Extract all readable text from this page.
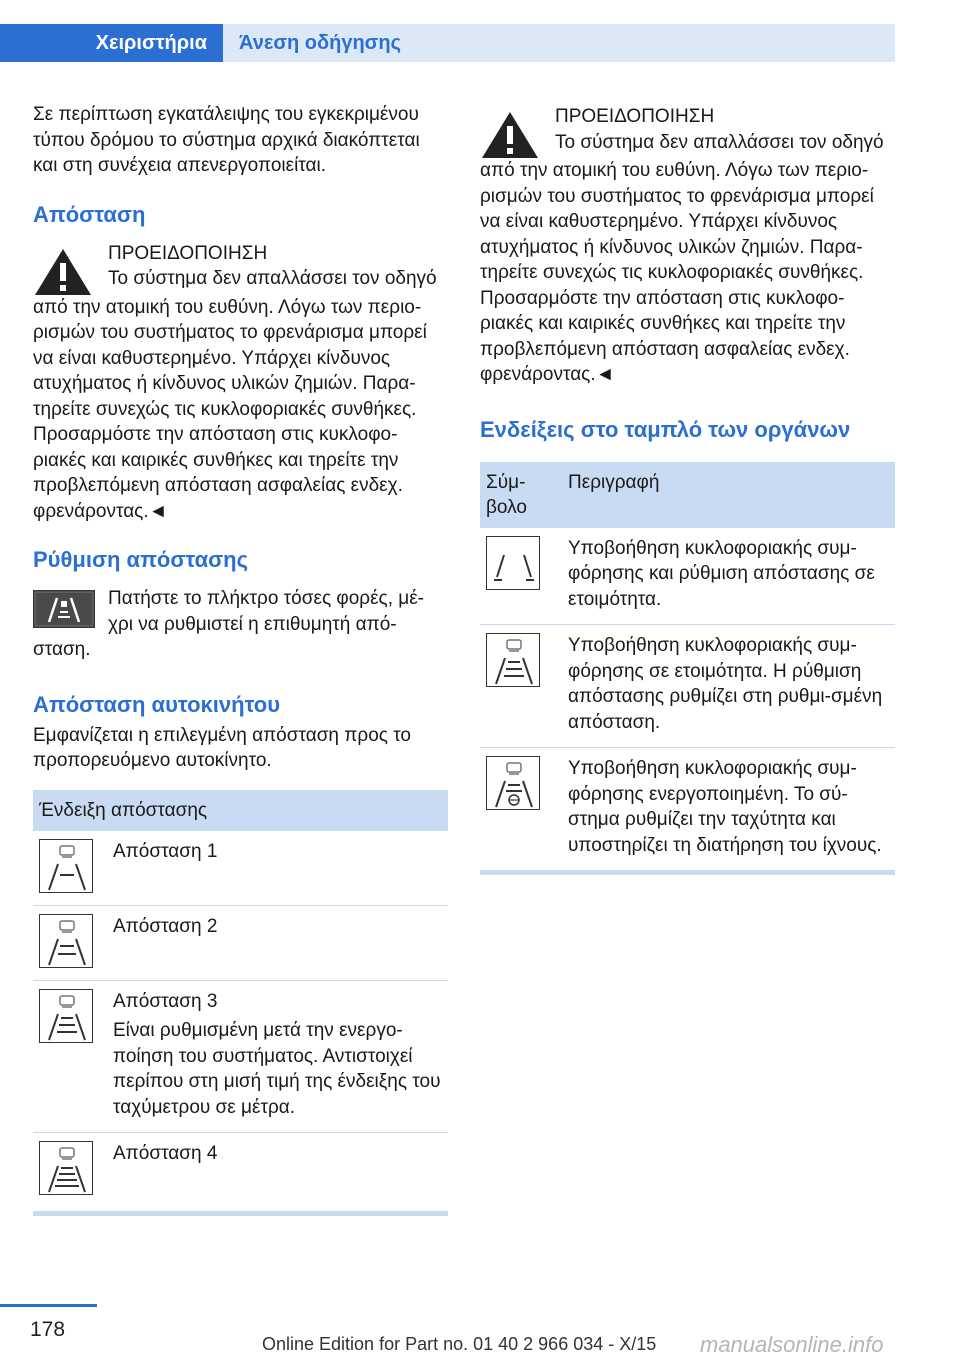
Χειριστήρια	Άνεση οδήγησης

Σε περίπτωση εγκατάλειψης του εγκεκριμένου τύπου δρόμου το σύστημα αρχικά διακόπτεται και στη συνέχεια απενεργοποιείται.

Απόσταση
ΠΡΟΕΙΔΟΠΟΙΗΣΗ
Το σύστημα δεν απαλλάσσει τον οδηγό

από την ατομική του ευθύνη. Λόγω των περιο-ρισμών του συστήματος το φρενάρισμα μπορεί να είναι καθυστερημένο. Υπάρχει κίνδυνος ατυχήματος ή κίνδυνος υλικών ζημιών. Παρα-τηρείτε συνεχώς τις κυκλοφοριακές συνθήκες. Προσαρμόστε την απόσταση στις κυκλοφο-ριακές και καιρικές συνθήκες και τηρείτε την προβλεπόμενη απόσταση ασφαλείας ενδεχ. φρενάροντας.◄

Ρύθμιση απόστασης
Πατήστε το πλήκτρο τόσες φορές, μέ-χρι να ρυθμιστεί η επιθυμητή από-

σταση.

Απόσταση αυτοκινήτου

Εμφανίζεται η επιλεγμένη απόσταση προς το προπορευόμενο αυτοκίνητο.

Ένδειξη απόστασης	

	Απόσταση 1

	Απόσταση 2

Απόσταση 3
Είναι ρυθμισμένη μετά την ενεργο-ποίηση του συστήματος. Αντιστοιχεί περίπου στη μισή τιμή της ένδειξης του ταχύμετρου σε μέτρα.

	Απόσταση 4
ΠΡΟΕΙΔΟΠΟΙΗΣΗ
Το σύστημα δεν απαλλάσσει τον οδηγό

από την ατομική του ευθύνη. Λόγω των περιο-ρισμών του συστήματος το φρενάρισμα μπορεί να είναι καθυστερημένο. Υπάρχει κίνδυνος ατυχήματος ή κίνδυνος υλικών ζημιών. Παρα-τηρείτε συνεχώς τις κυκλοφοριακές συνθήκες. Προσαρμόστε την απόσταση στις κυκλοφο-ριακές και καιρικές συνθήκες και τηρείτε την προβλεπόμενη απόσταση ασφαλείας ενδεχ. φρενάροντας.◄

Ενδείξεις στο ταμπλό των οργάνων
Σύμ-βολο	Περιγραφή

	Υποβοήθηση κυκλοφοριακής συμ-φόρησης και ρύθμιση απόστασης σε ετοιμότητα.

	Υποβοήθηση κυκλοφοριακής συμ-φόρησης σε ετοιμότητα. Η ρύθμιση απόστασης ρυθμίζει στη ρυθμι-σμένη απόσταση.

	Υποβοήθηση κυκλοφοριακής συμ-φόρησης ενεργοποιημένη. Το σύ-στημα ρυθμίζει την ταχύτητα και υποστηρίζει τη διατήρηση του ίχνους.
178
Online Edition for Part no. 01 40 2 966 034 - X/15 manualsonline.info
